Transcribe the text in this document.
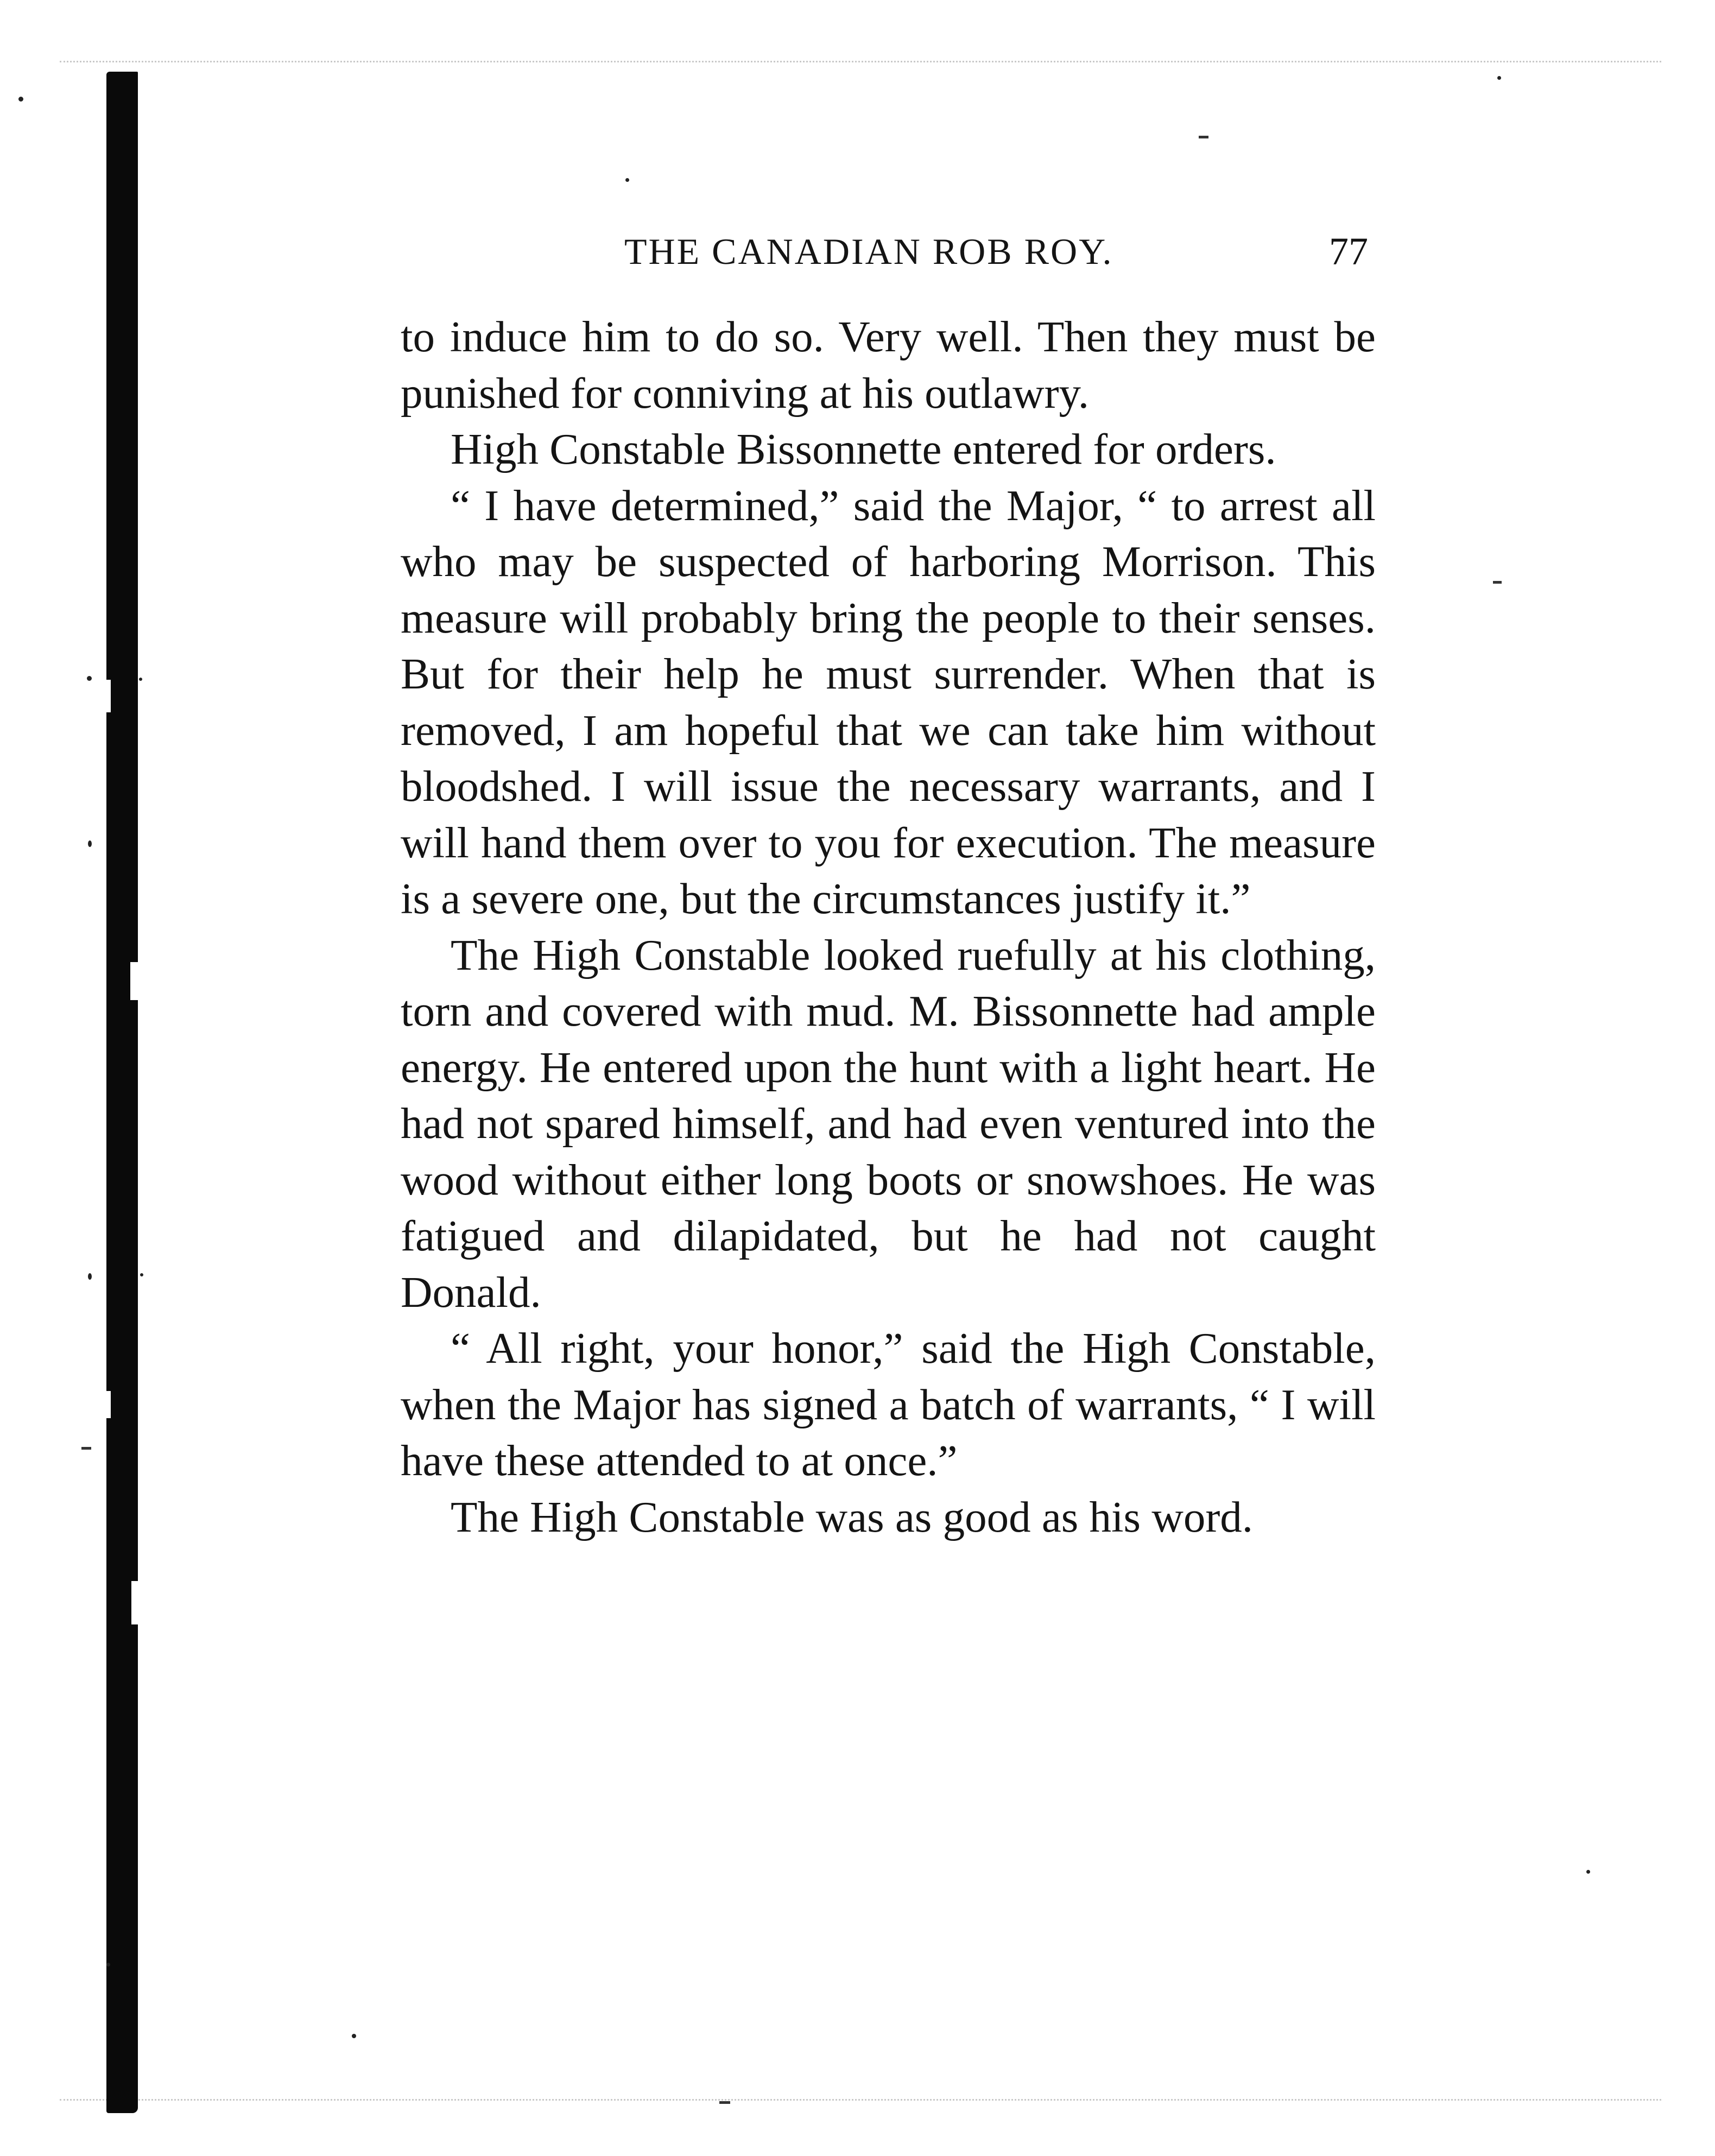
THE CANADIAN ROB ROY.	77

to induce him to do so. Very well. Then they must be punished for conniving at his outlawry.

High Constable Bissonnette entered for orders.

“ I have determined,” said the Major, “ to arrest all who may be suspected of harboring Morrison. This measure will probably bring the people to their senses. But for their help he must surrender. When that is removed, I am hopeful that we can take him without bloodshed. I will issue the necessary warrants, and I will hand them over to you for execution. The measure is a severe one, but the circumstances justify it.”

The High Constable looked ruefully at his clothing, torn and covered with mud. M. Bissonnette had ample energy. He entered upon the hunt with a light heart. He had not spared himself, and had even ventured into the wood without either long boots or snowshoes. He was fatigued and dilapidated, but he had not caught Donald.

“ All right, your honor,” said the High Constable, when the Major has signed a batch of warrants, “ I will have these attended to at once.”

The High Constable was as good as his word.
